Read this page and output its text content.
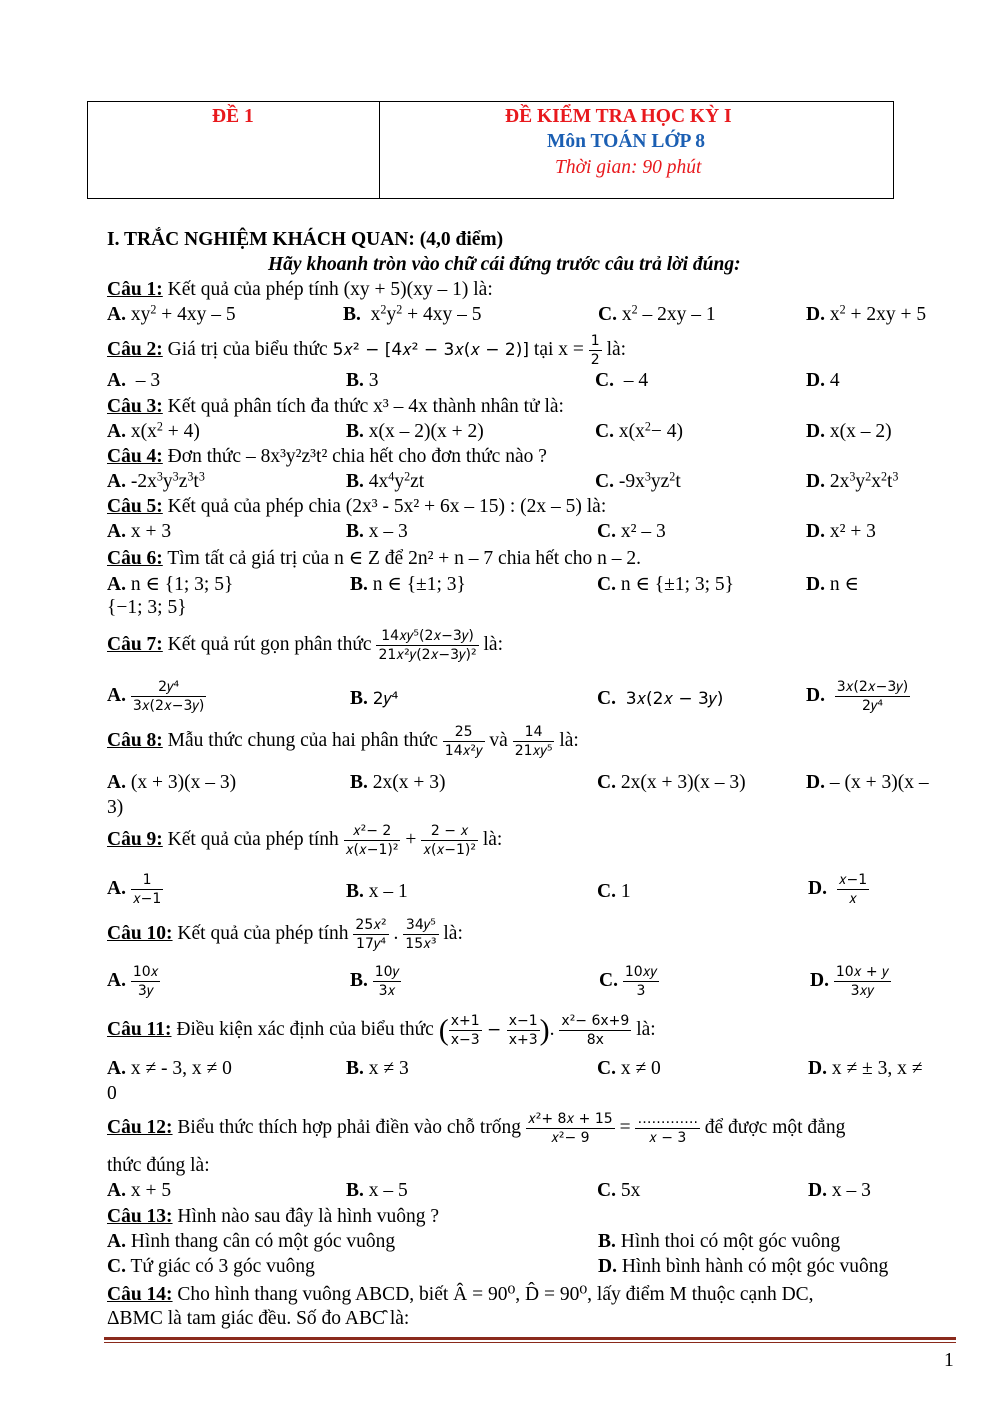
ĐỀ 1	ĐỀ KIỂM TRA HỌC KỲ I
Môn TOÁN LỚP 8
Thời gian: 90 phút
I. TRẮC NGHIỆM KHÁCH QUAN: (4,0 điểm)
Hãy khoanh tròn vào chữ cái đứng trước câu trả lời đúng:
Câu 1: Kết quả của phép tính (xy + 5)(xy – 1) là:
A. $xy^2 + 4xy - 5$	B.  $x^2y^2 + 4xy - 5$	C. $x^2 - 2xy - 1$	D. $x^2 + 2xy + 5$
Câu 2: Giá trị của biểu thức 5𝑥² − [4𝑥² − 3𝑥(𝑥 − 2)] tại $x = \frac{1}{2}$ là:
A. – 3	B. 3	C. – 4	D. 4
Câu 3: Kết quả phân tích đa thức x³ – 4x thành nhân tử là:
A. $x(x^2 + 4)$	B. x(x – 2)(x + 2)	C. $x(x^2- 4)$	D. x(x – 2)
Câu 4: Đơn thức – 8x³y²z³t² chia hết cho đơn thức nào ?
A. $-2x^3y^3z^3t^3$	B. $4x^4y^2zt$	C. $-9x^3yz^2t$	D. $2x^3y^2x^2t^3$
Câu 5: Kết quả của phép chia (2x³ - 5x² + 6x – 15) : (2x – 5) là:
A. x + 3	B. x – 3	C. x² – 3	D. x² + 3
Câu 6: Tìm tất cả giá trị của n ∈ Z để 2n² + n – 7 chia hết cho n – 2.
A. n ∈ {1; 3; 5}	B. n ∈ {±1; 3}	C. n ∈ {±1; 3; 5}	D. n ∈
{−1; 3; 5}
Câu 7: Kết quả rút gọn phân thức $\frac{\text{14𝑥𝑦⁵(2𝑥−3𝑦)}}{\text{21𝑥²𝑦(2𝑥−3𝑦)²}}$ là:
A. $\frac{\text{2𝑦⁴}}{\text{3𝑥(2𝑥−3𝑦)}}$	B. 2𝑦⁴	C. 3𝑥(2𝑥 − 3𝑦)	D. $\frac{\text{3𝑥(2𝑥−3𝑦)}}{\text{2𝑦⁴}}$
Câu 8: Mẫu thức chung của hai phân thức $\frac{25}{\text{14𝑥²𝑦}}$ và $\frac{14}{\text{21𝑥𝑦⁵}}$ là:
A. (x + 3)(x – 3)	B. 2x(x + 3)	C. 2x(x + 3)(x – 3)	D. – (x + 3)(x –
3)
Câu 9: Kết quả của phép tính $\frac{\text{𝑥²− 2}}{\text{𝑥(𝑥−1)²}} + \frac{\text{2 − 𝑥}}{\text{𝑥(𝑥−1)²}}$ là:
A. $\frac{1}{\text{𝑥−1}}$	B. x – 1	C. 1	D. $\frac{\text{𝑥−1}}{\text{𝑥}}$
Câu 10: Kết quả của phép tính $\frac{\text{25𝑥²}}{\text{17𝑦⁴}}$ . $\frac{\text{34𝑦⁵}}{\text{15𝑥³}}$ là:
A. $\frac{\text{10𝑥}}{\text{3𝑦}}$	B. $\frac{\text{10𝑦}}{\text{3𝑥}}$	C. $\frac{\text{10𝑥𝑦}}{3}$	D. $\frac{\text{10𝑥 + 𝑦}}{\text{3𝑥𝑦}}$
Câu 11: Điều kiện xác định của biểu thức ( $\frac{x+1}{x-3} - \frac{x-1}{x+3}$ ). $\frac{\text{x²− 6x+9}}{8x}$ là:
A. x ≠ - 3, x ≠ 0	B. x ≠ 3	C. x ≠ 0	D. x ≠ ± 3, x ≠
0
Câu 12: Biểu thức thích hợp phải điền vào chỗ trống $\frac{\text{𝑥²+ 8𝑥 + 15}}{\text{𝑥²− 9}} = \frac{\dots\dots\dots\dots.}{\text{𝑥 − 3}}$ để được một đẳng
thức đúng là:
A. x + 5	B. x – 5	C. 5x	D. x – 3
Câu 13: Hình nào sau đây là hình vuông ?
A. Hình thang cân có một góc vuông	B. Hình thoi có một góc vuông
C. Tứ giác có 3 góc vuông	D. Hình bình hành có một góc vuông
Câu 14: Cho hình thang vuông ABCD, biết Â = 90⁰, D̂ = 90⁰, lấy điểm M thuộc cạnh DC,
ΔBMC là tam giác đều. Số đo ABC̑ là:
1
